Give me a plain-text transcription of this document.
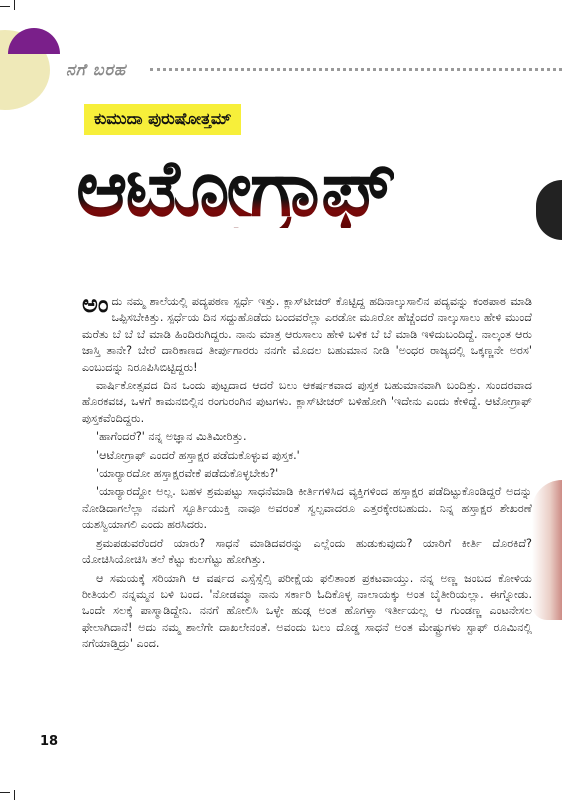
ನಗೆ ಬರಹ
ಕುಮುದಾ ಪುರುಷೋತ್ತಮ್
ಆಟೋಗ್ರಾಫ್

ಅಂದು ನಮ್ಮ ಶಾಲೆಯಲ್ಲಿ ಪದ್ಯಪಠಣ ಸ್ಪರ್ಧೆ ಇತ್ತು. ಕ್ಲಾಸ್‌ಟೀಚರ್ ಕೊಟ್ಟಿದ್ದ ಹದಿನಾಲ್ಕುಸಾಲಿನ ಪದ್ಯವನ್ನು ಕಂಠಪಾಠ ಮಾಡಿ ಒಪ್ಪಿಸಬೇಕಿತ್ತು. ಸ್ಪರ್ಧೆಯ ದಿನ ಸದ್ದುಹೊಡೆದು ಬಂದವರೆಲ್ಲಾ ಎರಡೋ ಮೂರೋ ಹೆಚ್ಚೆಂದರೆ ನಾಲ್ಕುಸಾಲು ಹೇಳಿ ಮುಂದೆ ಮರೆತು ಬೆ ಬೆ ಬೆ ಮಾಡಿ ಹಿಂದಿರುಗಿದ್ದರು. ನಾನು ಮಾತ್ರ ಆರುಸಾಲು ಹೇಳಿ ಬಳಿಕ ಬೆ ಬೆ ಮಾಡಿ ಇಳಿದುಬಂದಿದ್ದೆ. ನಾಲ್ಕಂತ ಆರು ಜಾಸ್ತಿ ತಾನೇ? ಬೇರೆ ದಾರಿಕಾಣದ ತೀರ್ಪುಗಾರರು ನನಗೇ ಮೊದಲ ಬಹುಮಾನ ನೀಡಿ 'ಅಂಧರ ರಾಜ್ಯದಲ್ಲಿ ಒಕ್ಕಣ್ಣನೇ ಅರಸ' ಎಂಬುದನ್ನು ನಿರೂಪಿಸಿಬಿಟ್ಟಿದ್ದರು!

ವಾರ್ಷಿಕೋತ್ಸವದ ದಿನ ಒಂದು ಪುಟ್ಟದಾದ ಆದರೆ ಬಲು ಆಕರ್ಷಕವಾದ ಪುಸ್ತಕ ಬಹುಮಾನವಾಗಿ ಬಂದಿತ್ತು. ಸುಂದರವಾದ ಹೊರಕವಚ, ಒಳಗೆ ಕಾಮನಬಿಲ್ಲಿನ ರಂಗುರಂಗಿನ ಪುಟಗಳು. ಕ್ಲಾಸ್‌ಟೀಚರ್ ಬಳಿಹೋಗಿ 'ಇದೇನು ಎಂದು ಕೇಳಿದ್ದೆ. ಆಟೋಗ್ರಾಫ್ ಪುಸ್ತಕವೆಂದಿದ್ದರು.

'ಹಾಗೆಂದರೆ?' ನನ್ನ ಅಜ್ಞಾನ ಮಿತಿಮೀರಿತ್ತು.

'ಆಟೋಗ್ರಾಫ್ ಎಂದರೆ ಹಸ್ತಾಕ್ಷರ ಪಡೆದುಕೊಳ್ಳುವ ಪುಸ್ತಕ.'

'ಯಾರ್‍ಯಾರದೋ ಹಸ್ತಾಕ್ಷರವೇಕೆ ಪಡೆದುಕೊಳ್ಳಬೇಕು?'

'ಯಾರ್‍ಯಾರದ್ದೋ ಅಲ್ಲ. ಬಹಳ ಶ್ರಮಪಟ್ಟು ಸಾಧನೆಮಾಡಿ ಕೀರ್ತಿಗಳಿಸಿದ ವ್ಯಕ್ತಿಗಳಿಂದ ಹಸ್ತಾಕ್ಷರ ಪಡೆದಿಟ್ಟುಕೊಂಡಿದ್ದರೆ ಅದನ್ನು ನೋಡಿದಾಗಲೆಲ್ಲಾ ನಮಗೆ ಸ್ಫೂರ್ತಿಯುಕ್ತಿ ನಾವೂ ಅವರಂತೆ ಸ್ವಲ್ಪವಾದರೂ ಎತ್ತರಕ್ಕೇರಬಹುದು. ನಿನ್ನ ಹಸ್ತಾಕ್ಷರ ಶೇಖರಣೆ ಯಶಸ್ವಿಯಾಗಲಿ ಎಂದು ಹರಸಿದರು.

ಶ್ರಮಪಡುವರೆಂದರೆ ಯಾರು? ಸಾಧನೆ ಮಾಡಿದವರನ್ನು ಎಲ್ಲೆಂದು ಹುಡುಕುವುದು? ಯಾರಿಗೆ ಕೀರ್ತಿ ದೊರಕಿದೆ? ಯೋಚಿಸಿಯೋಚಿಸಿ ತಲೆ ಕೆಟ್ಟು ಕುಲಗೆಟ್ಟು ಹೋಗಿತ್ತು.

ಆ ಸಮಯಕ್ಕೆ ಸರಿಯಾಗಿ ಆ ವರ್ಷದ ಎಸ್ಸೆಸ್ಸೆಲ್ಸಿ ಪರೀಕ್ಷೆಯ ಫಲಿತಾಂಶ ಪ್ರಕಟವಾಯ್ತು. ನನ್ನ ಅಣ್ಣ ಜಂಬದ ಕೋಳಿಯ ರೀತಿಯಲಿ ನನ್ನಮ್ಮನ ಬಳಿ ಬಂದ. 'ನೋಡಮ್ಮಾ ನಾನು ಸರ್ಕಾರಿ ಓದಿಕೊಳ್ಳ ನಾಲಾಯಕ್ಕು ಅಂತ ಬೈತೀರಿಯಲ್ಲಾ. ಈಗ್ನೋಡು. ಒಂದೇ ಸಲಕ್ಕೆ ಪಾಸ್ಮಾಡಿದ್ದೇನಿ. ನನಗೆ ಹೋಲಿಸಿ ಒಳ್ಳೇ ಹುಡ್ಗ ಅಂತ ಹೊಗಳ್ತಾ ಇರ್ತೀಯಲ್ಲ ಆ ಗುಂಡಣ್ಣ ಎಂಟನೇಸಲ ಫೇಲಾಗಿದಾನೆ! ಅದು ನಮ್ಮ ಶಾಲೆಗೇ ದಾಖಲೇನಂತೆ. ಅವಂದು ಬಲು ದೊಡ್ಡ ಸಾಧನೆ ಅಂತ ಮೇಷ್ಟ್ರುಗಳು ಸ್ಟಾಫ್ ರೂಮಿನಲ್ಲಿ ನಗೆಯಾಡ್ತಿದ್ರು' ಎಂದ.

18
